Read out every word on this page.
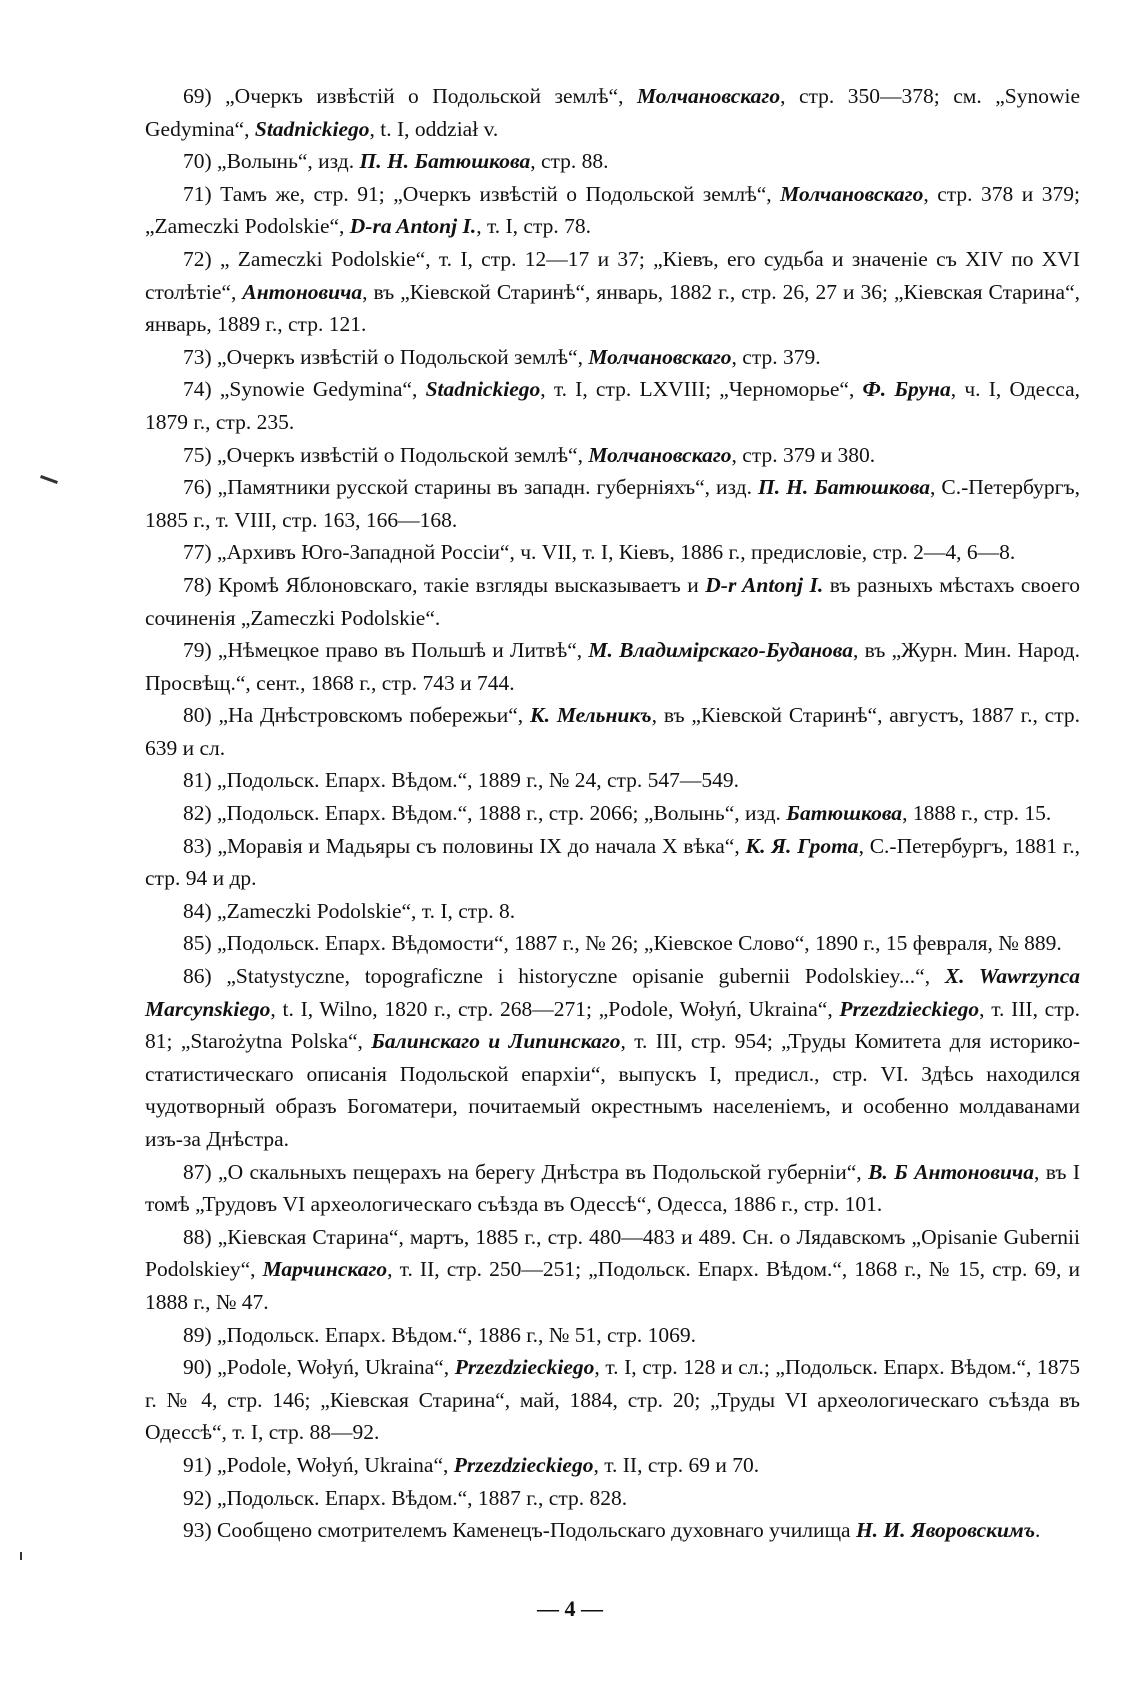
69) „Очеркъ извѣстій о Подольской землѣ“, Молчановскаго, стр. 350—378; см. „Synowie Gedymina“, Stadnickiego, t. I, oddział v.

70) „Волынь“, изд. П. Н. Батюшкова, стр. 88.

71) Тамъ же, стр. 91; „Очеркъ извѣстій о Подольской землѣ“, Молчановскаго, стр. 378 и 379; „Zameczki Podolskie“, D-ra Antonj I., т. I, стр. 78.

72) „ Zameczki Podolskie“, т. I, стр. 12—17 и 37; „Кіевъ, его судьба и значеніе съ XIV по XVI столѣтіе“, Антоновича, въ „Кіевской Старинѣ“, январь, 1882 г., стр. 26, 27 и 36; „Кіевская Старина“, январь, 1889 г., стр. 121.

73) „Очеркъ извѣстій о Подольской землѣ“, Молчановскаго, стр. 379.

74) „Synowie Gedymina“, Stadnickiego, т. I, стр. LXVIII; „Черноморье“, Ф. Бруна, ч. I, Одесса, 1879 г., стр. 235.

75) „Очеркъ извѣстій о Подольской землѣ“, Молчановскаго, стр. 379 и 380.

76) „Памятники русской старины въ западн. губерніяхъ“, изд. П. Н. Батюшкова, С.-Петербургъ, 1885 г., т. VIII, стр. 163, 166—168.

77) „Архивъ Юго-Западной Россіи“, ч. VII, т. I, Кіевъ, 1886 г., предисловіе, стр. 2—4, 6—8.

78) Кромѣ Яблоновскаго, такіе взгляды высказываетъ и D-r Antonj I. въ разныхъ мѣстахъ своего сочиненія „Zameczki Podolskie“.

79) „Нѣмецкое право въ Польшѣ и Литвѣ“, М. Владимірскаго-Буданова, въ „Журн. Мин. Народ. Просвѣщ.“, сент., 1868 г., стр. 743 и 744.

80) „На Днѣстровскомъ побережьи“, К. Мельникъ, въ „Кіевской Старинѣ“, августъ, 1887 г., стр. 639 и сл.

81) „Подольск. Епарх. Вѣдом.“, 1889 г., № 24, стр. 547—549.

82) „Подольск. Епарх. Вѣдом.“, 1888 г., стр. 2066; „Волынь“, изд. Батюшкова, 1888 г., стр. 15.

83) „Моравія и Мадьяры съ половины IX до начала X вѣка“, К. Я. Грота, С.-Петербургъ, 1881 г., стр. 94 и др.

84) „Zameczki Podolskie“, т. I, стр. 8.

85) „Подольск. Епарх. Вѣдомости“, 1887 г., № 26; „Кіевское Слово“, 1890 г., 15 февраля, № 889.

86) „Statystyczne, topograficzne i historyczne opisanie gubernii Podolskiey...“, X. Wawrzynca Marcynskiego, t. I, Wilno, 1820 г., стр. 268—271; „Podole, Wołyń, Ukraina“, Przezdzieckiego, т. III, стр. 81; „Starożytna Polska“, Балинскаго и Липинскаго, т. III, стр. 954; „Труды Комитета для историко-статистическаго описанія Подольской епархіи“, выпускъ I, предисл., стр. VI. Здѣсь находился чудотворный образъ Богоматери, почитаемый окрестнымъ населеніемъ, и особенно молдаванами изъ-за Днѣстра.

87) „О скальныхъ пещерахъ на берегу Днѣстра въ Подольской губерніи“, В. Б Антоновича, въ I томѣ „Трудовъ VI археологическаго съѣзда въ Одессѣ“, Одесса, 1886 г., стр. 101.

88) „Кіевская Старина“, мартъ, 1885 г., стр. 480—483 и 489. Сн. о Лядавскомъ „Opisanie Gubernii Podolskiey“, Марчинскаго, т. II, стр. 250—251; „Подольск. Епарх. Вѣдом.“, 1868 г., № 15, стр. 69, и 1888 г., № 47.

89) „Подольск. Епарх. Вѣдом.“, 1886 г., № 51, стр. 1069.

90) „Podole, Wołyń, Ukraina“, Przezdzieckiego, т. I, стр. 128 и сл.; „Подольск. Епарх. Вѣдом.“, 1875 г. № 4, стр. 146; „Кіевская Старина“, май, 1884, стр. 20; „Труды VI археологическаго съѣзда въ Одессѣ“, т. I, стр. 88—92.

91) „Podole, Wołyń, Ukraina“, Przezdzieckiego, т. II, стр. 69 и 70.

92) „Подольск. Епарх. Вѣдом.“, 1887 г., стр. 828.

93) Сообщено смотрителемъ Каменецъ-Подольскаго духовнаго училища Н. И. Яворовскимъ.

— 4 —
